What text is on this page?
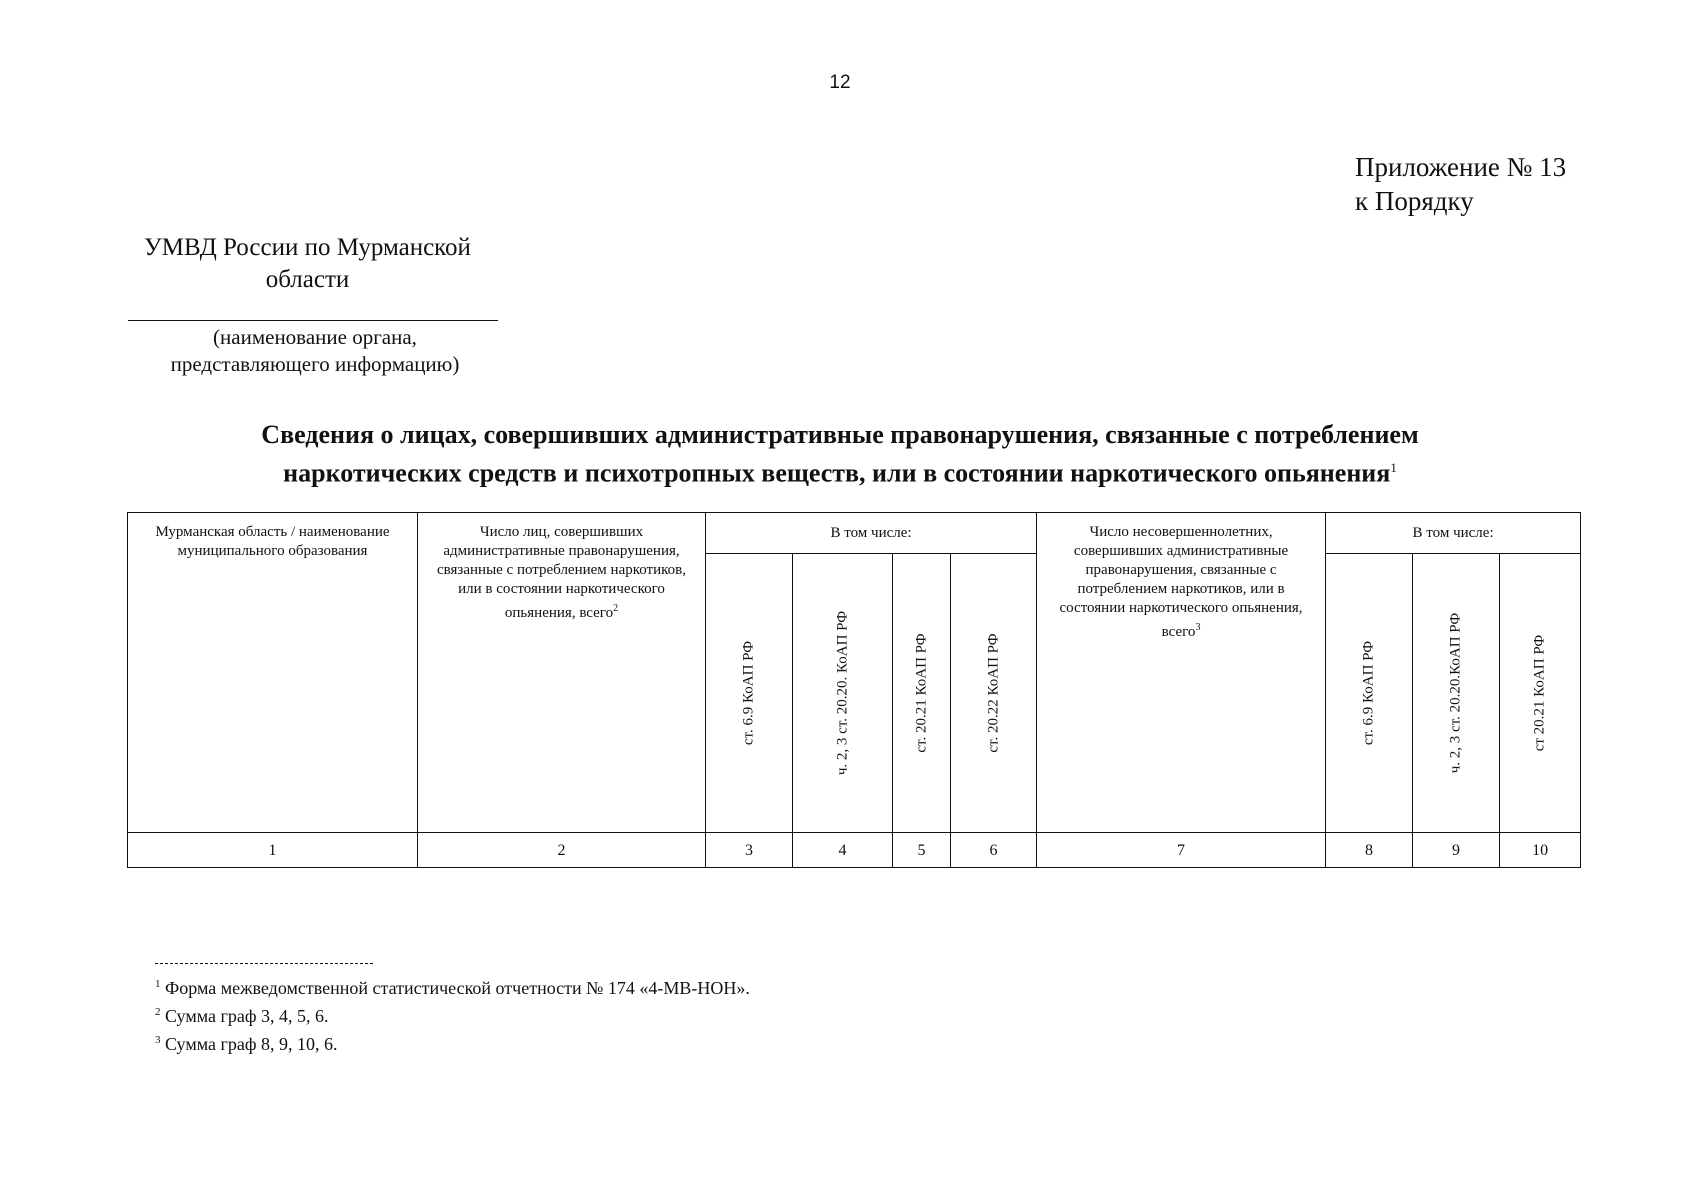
12
Приложение № 13
к Порядку
УМВД России по Мурманской
области
(наименование органа,
представляющего информацию)
Сведения о лицах, совершивших административные правонарушения, связанные с потреблением
наркотических средств и психотропных веществ, или в состоянии наркотического опьянения$^1$
Мурманская область / наименование муниципального образования	Число лиц, совершивших административные правонарушения, связанные с потреблением наркотиков, или в состоянии наркотического опьянения, всего$^2$	В том числе:				Число несовершеннолетних, совершивших административные правонарушения, связанные с потреблением наркотиков, или в состоянии наркотического опьянения, всего$^3$	В том числе:		

		ст. 6.9 КоАП РФ	ч. 2, 3 ст. 20.20. КоАП РФ	ст. 20.21 КоАП РФ	ст. 20.22 КоАП РФ		ст. 6.9 КоАП РФ	ч. 2, 3 ст. 20.20.КоАП РФ	ст 20.21 КоАП РФ

1	2	3	4	5	6	7	8	9	10
$^1$ Форма межведомственной статистической отчетности № 174 «4-МВ-НОН».
$^2$ Сумма граф 3, 4, 5, 6.
$^3$ Сумма граф 8, 9, 10, 6.
